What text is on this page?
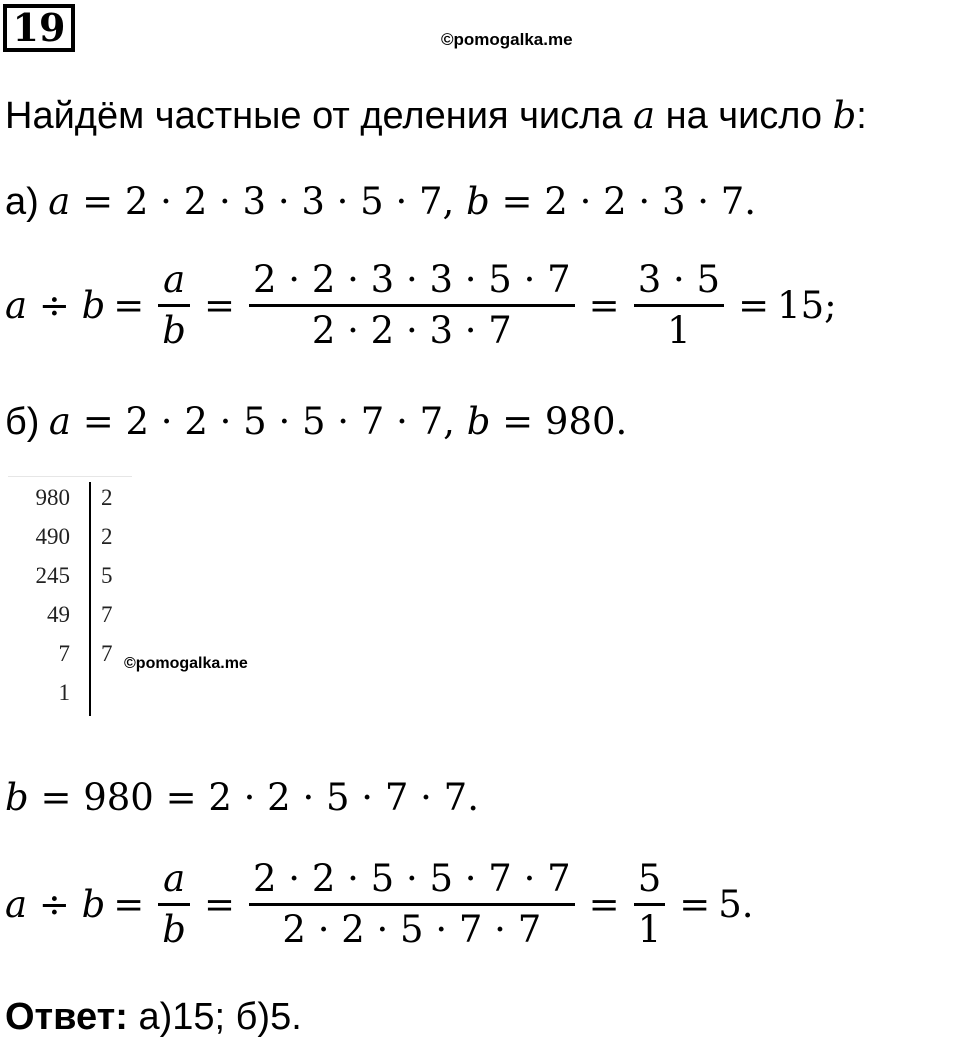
19	©pomogalka.me
Найдём частные от деления числа a на число b:
а) a = 2 · 2 · 3 · 3 · 5 · 7, b = 2 · 2 · 3 · 7.
$a \div b = \frac{a}{b} = \frac{2 \cdot 2 \cdot 3 \cdot 3 \cdot 5 \cdot 7}{2 \cdot 2 \cdot 3 \cdot 7} = \frac{3 \cdot 5}{1} = 15$;
б) a = 2 · 2 · 5 · 5 · 7 · 7, b = 980.
980	2
490	2
245	5
49	7
7	7
1
©pomogalka.me
b = 980 = 2 · 2 · 5 · 7 · 7.
$a \div b = \frac{a}{b} = \frac{2 \cdot 2 \cdot 5 \cdot 5 \cdot 7 \cdot 7}{2 \cdot 2 \cdot 5 \cdot 7 \cdot 7} = \frac{5}{1} = 5$.
Ответ: а)15; б)5.
